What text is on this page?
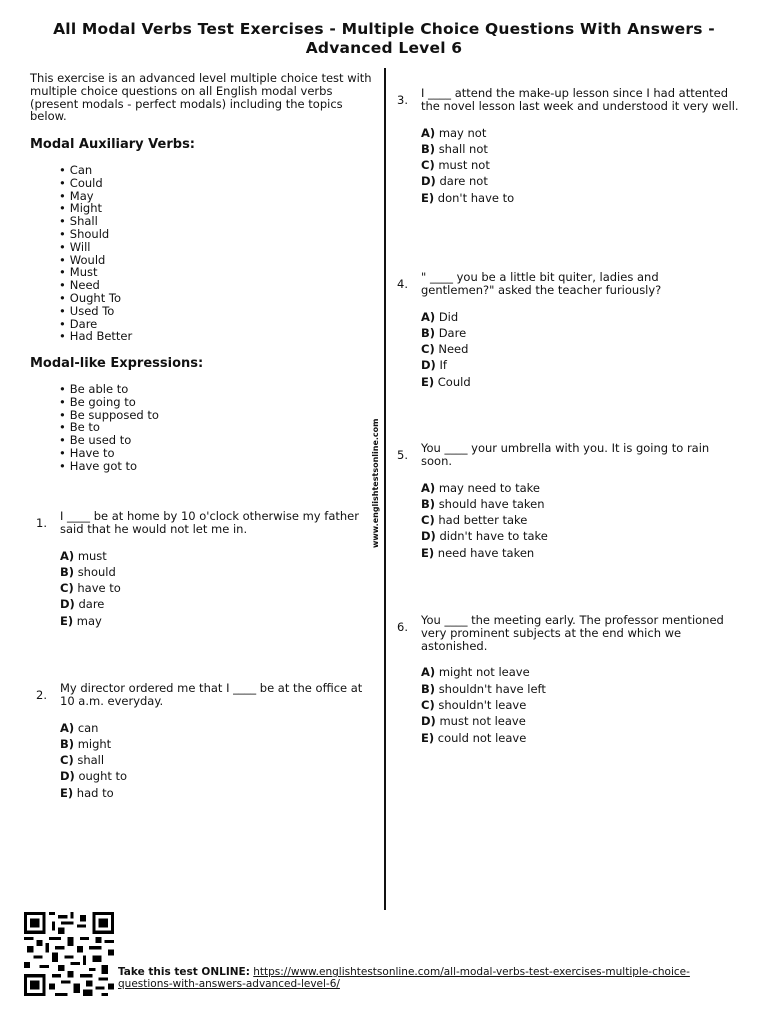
All Modal Verbs Test Exercises - Multiple Choice Questions With Answers -
Advanced Level 6
www.englishtestsonline.com
This exercise is an advanced level multiple choice test with multiple choice questions on all English modal verbs (present modals - perfect modals) including the topics below.
Modal Auxiliary Verbs:
• Can
• Could
• May
• Might
• Shall
• Should
• Will
• Would
• Must
• Need
• Ought To
• Used To
• Dare
• Had Better
Modal-like Expressions:
• Be able to
• Be going to
• Be supposed to
• Be to
• Be used to
• Have to
• Have got to
1. I ____ be at home by 10 o'clock otherwise my father said that he would not let me in.
A) must
B) should
C) have to
D) dare
E) may
2. My director ordered me that I ____ be at the office at 10 a.m. everyday.
A) can
B) might
C) shall
D) ought to
E) had to
3. I ____ attend the make-up lesson since I had attented the novel lesson last week and understood it very well.
A) may not
B) shall not
C) must not
D) dare not
E) don't have to
4. " ____ you be a little bit quiter, ladies and gentlemen?" asked the teacher furiously?
A) Did
B) Dare
C) Need
D) If
E) Could
5. You ____ your umbrella with you. It is going to rain soon.
A) may need to take
B) should have taken
C) had better take
D) didn't have to take
E) need have taken
6. You ____ the meeting early. The professor mentioned very prominent subjects at the end which we astonished.
A) might not leave
B) shouldn't have left
C) shouldn't leave
D) must not leave
E) could not leave
Take this test ONLINE: https://www.englishtestsonline.com/all-modal-verbs-test-exercises-multiple-choice-questions-with-answers-advanced-level-6/
